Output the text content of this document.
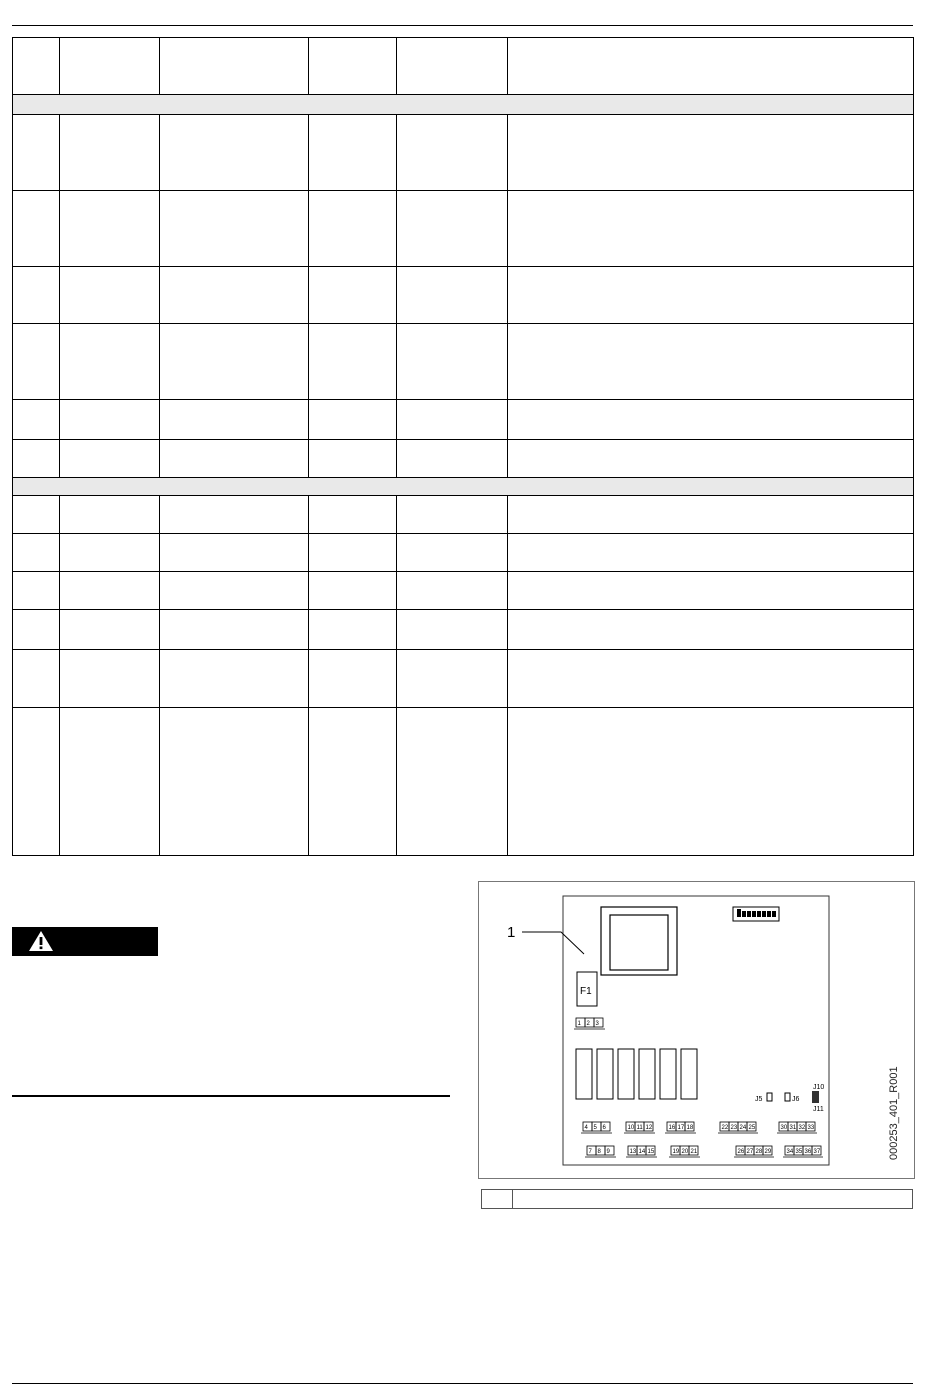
1
F1
J5	J6
J10
J11
1 2 3
4 5 6	10 11 12	16 17 18
7 8 9	13 14 15	19 20 21
22 23 24 25
26 27 28 29
30 31 32 33
34 35 36 37	000253_401_R001
